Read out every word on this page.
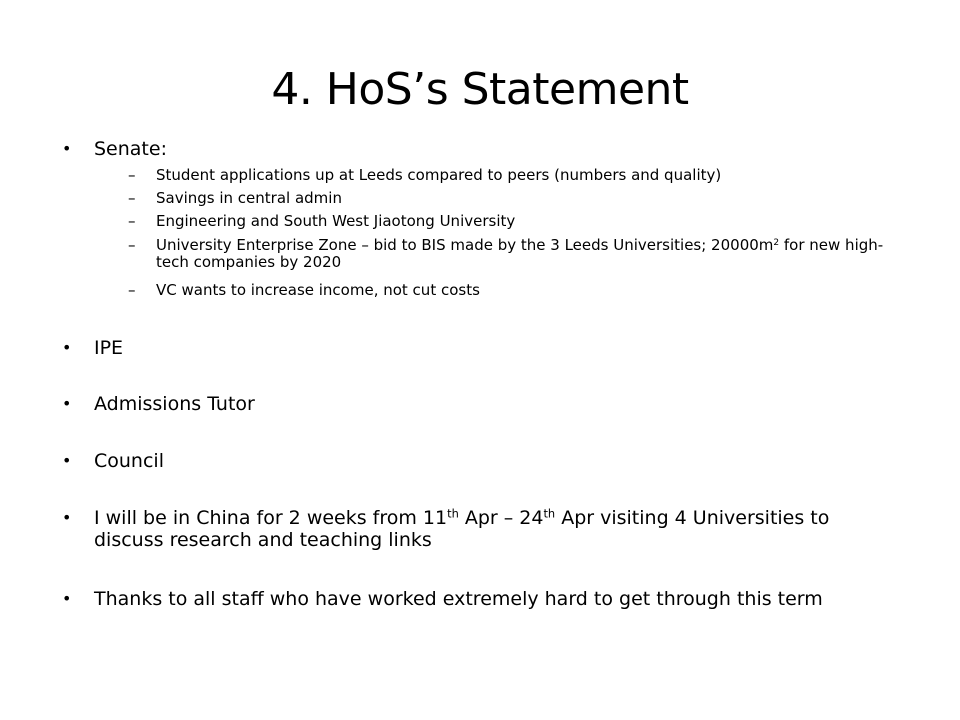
4. HoS’s Statement
• Senate:
– Student applications up at Leeds compared to peers (numbers and quality)
– Savings in central admin
– Engineering and South West Jiaotong University
– University Enterprise Zone – bid to BIS made by the 3 Leeds Universities; $20000m^2$ for new high-tech companies by 2020
– VC wants to increase income, not cut costs
• IPE
• Admissions Tutor
• Council
• I will be in China for 2 weeks from 11th Apr – 24th Apr visiting 4 Universities to discuss research and teaching links
• Thanks to all staff who have worked extremely hard to get through this term
